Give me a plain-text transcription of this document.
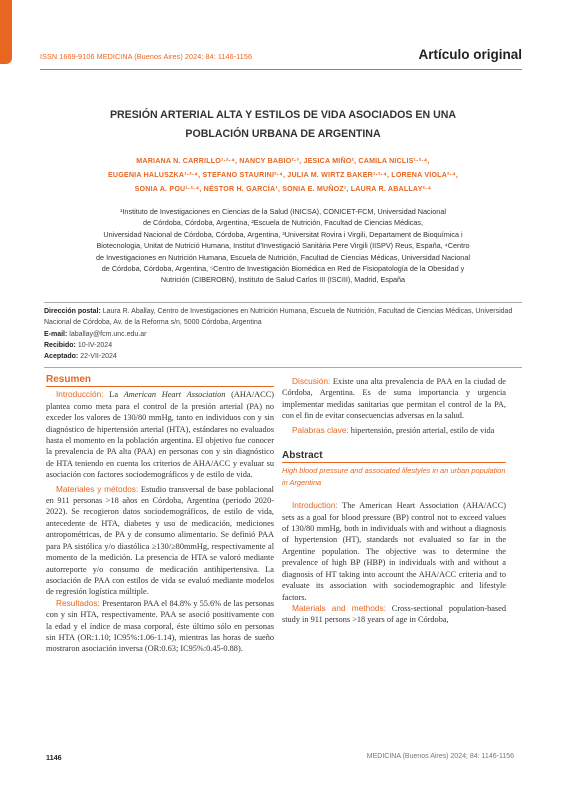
ISSN 1669-9106 MEDICINA (Buenos Aires) 2024; 84: 1146-1156	Artículo original
PRESIÓN ARTERIAL ALTA Y ESTILOS DE VIDA ASOCIADOS EN UNA
POBLACIÓN URBANA DE ARGENTINA
MARIANA N. CARRILLO¹·²·⁴, NANCY BABIO²·³, JESICA MIÑO², CAMILA NICLIS¹·²·⁴,
EUGENIA HALUSZKA¹·²·⁴, STEFANO STAURINI²·⁴, JULIA M. WIRTZ BAKER¹·²·⁴, LORENA VIOLA²·⁴,
SONIA A. POU¹·²·⁴, NÉSTOR H. GARCÍA¹, SONIA E. MUÑOZ¹, LAURA R. ABALLAY²·⁴
¹Instituto de Investigaciones en Ciencias de la Salud (INICSA), CONICET-FCM, Universidad Nacional
de Córdoba, Córdoba, Argentina, ²Escuela de Nutrición, Facultad de Ciencias Médicas,
Universidad Nacional de Córdoba, Córdoba, Argentina, ³Universitat Rovira i Virgili, Departament de Bioquímica i
Biotecnologia, Unitat de Nutrició Humana, Institut d'Investigació Sanitària Pere Virgili (IISPV) Reus, España, ⁴Centro
de Investigaciones en Nutrición Humana, Escuela de Nutrición, Facultad de Ciencias Médicas, Universidad Nacional
de Córdoba, Córdoba, Argentina, ⁵Centro de Investigación Biomédica en Red de Fisiopatología de la Obesidad y
Nutrición (CIBEROBN), Instituto de Salud Carlos III (ISCIII), Madrid, España
Dirección postal: Laura R. Aballay, Centro de Investigaciones en Nutrición Humana, Escuela de Nutrición, Facultad de Ciencias Médicas, Universidad Nacional de Córdoba, Av. de la Reforma s/n, 5000 Córdoba, Argentina
E-mail: laballay@fcm.unc.edu.ar
Recibido: 10-IV-2024
Aceptado: 22-VII-2024
Resumen

Introducción: La American Heart Association (AHA/ACC) plantea como meta para el control de la presión arterial (PA) no exceder los valores de 130/80 mmHg, tanto en individuos con y sin diagnóstico de hipertensión arterial (HTA), estándares no evaluados hasta el momento en la población argentina. El objetivo fue conocer la prevalencia de PA alta (PAA) en personas con y sin diagnóstico de HTA teniendo en cuenta los criterios de AHA/ACC y evaluar su asociación con factores sociodemográficos y de estilo de vida.

Materiales y métodos: Estudio transversal de base poblacional en 911 personas >18 años en Córdoba, Argentina (periodo 2020-2022). Se recogieron datos sociodemográficos, de estilo de vida, antecedente de HTA, diabetes y uso de medicación, mediciones antropométricas, de PA y de consumo alimentario. Se definió PAA para PA sistólica y/o diastólica ≥130/≥80mmHg, respectivamente al momento de la medición. La presencia de HTA se valoró mediante autorreporte y/o consumo de medicación antihipertensiva. La asociación de PAA con estilos de vida se evaluó mediante modelos de regresión logística múltiple.

Resultados: Presentaron PAA el 84.8% y 55.6% de las personas con y sin HTA, respectivamente. PAA se asoció positivamente con la edad y el índice de masa corporal, éste último sólo en personas sin HTA (OR:1.10; IC95%:1.06-1.14), mientras las horas de sueño mostraron asociación inversa (OR:0.63; IC95%:0.45-0.88).

Discusión: Existe una alta prevalencia de PAA en la ciudad de Córdoba, Argentina. Es de suma importancia y urgencia implementar medidas sanitarias que permitan el control de la PA, con el fin de evitar consecuencias adversas en la salud.

Palabras clave: hipertensión, presión arterial, estilo de vida

Abstract
High blood pressure and associated lifestyles in an urban population in Argentina

Introduction: The American Heart Association (AHA/ACC) sets as a goal for blood pressure (BP) control not to exceed values of 130/80 mmHg, both in individuals with and without a diagnosis of hypertension (HT), standards not evaluated so far in the Argentine population. The objective was to determine the prevalence of high BP (HBP) in individuals with and without a diagnosis of HT taking into account the AHA/ACC criteria and to evaluate its association with sociodemographic and lifestyle factors.

Materials and methods: Cross-sectional population-based study in 911 persons >18 years of age in Córdoba,

1146	MEDICINA (Buenos Aires) 2024; 84: 1146-1156
